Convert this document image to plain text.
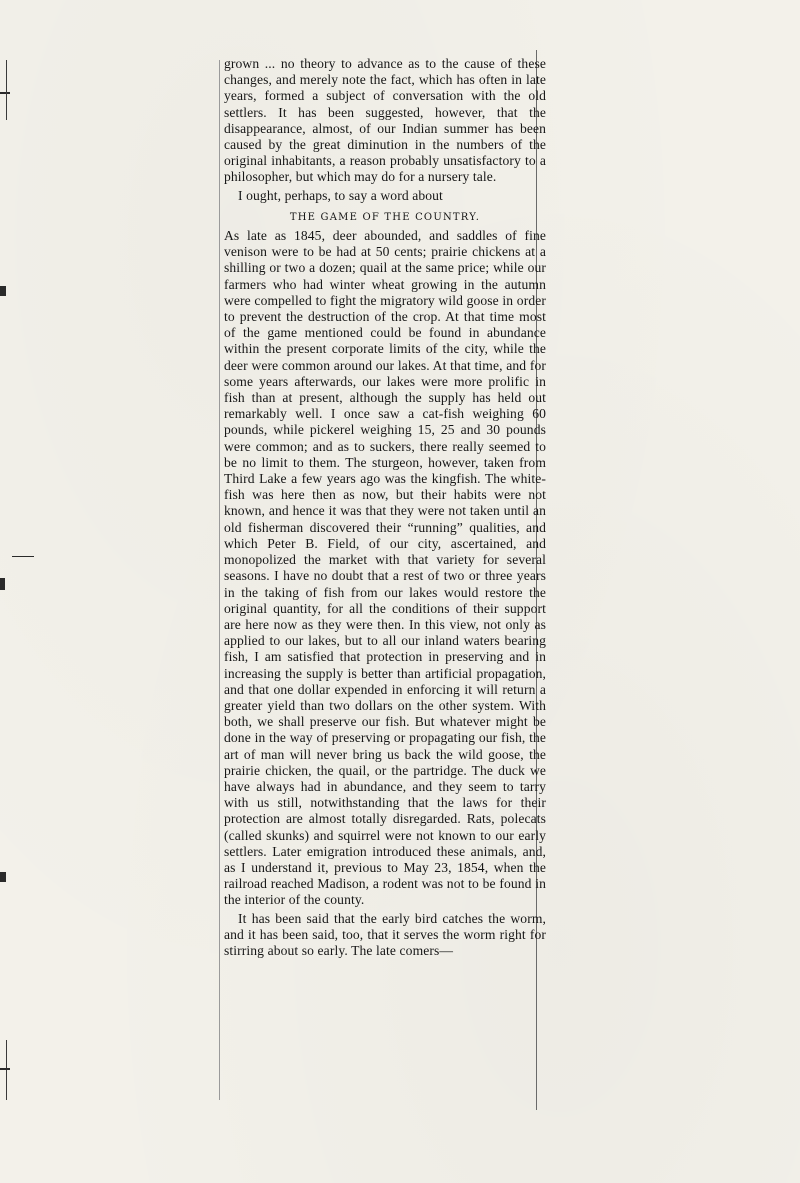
grown ... no theory to advance as to the cause of these changes, and merely note the fact, which has often in late years, formed a subject of conversation with the old settlers. It has been suggested, however, that the disappearance, almost, of our Indian summer has been caused by the great diminution in the numbers of the original inhabitants, a reason probably unsatisfactory to a philosopher, but which may do for a nursery tale.

I ought, perhaps, to say a word about

THE GAME OF THE COUNTRY.

As late as 1845, deer abounded, and saddles of fine venison were to be had at 50 cents; prairie chickens at a shilling or two a dozen; quail at the same price; while our farmers who had winter wheat growing in the autumn were compelled to fight the migratory wild goose in order to prevent the destruction of the crop. At that time most of the game mentioned could be found in abundance within the present corporate limits of the city, while the deer were common around our lakes. At that time, and for some years afterwards, our lakes were more prolific in fish than at present, although the supply has held out remarkably well. I once saw a cat-fish weighing 60 pounds, while pickerel weighing 15, 25 and 30 pounds were common; and as to suckers, there really seemed to be no limit to them. The sturgeon, however, taken from Third Lake a few years ago was the kingfish. The white-fish was here then as now, but their habits were not known, and hence it was that they were not taken until an old fisherman discovered their “running” qualities, and which Peter B. Field, of our city, ascertained, and monopolized the market with that variety for several seasons. I have no doubt that a rest of two or three years in the taking of fish from our lakes would restore the original quantity, for all the conditions of their support are here now as they were then. In this view, not only as applied to our lakes, but to all our inland waters bearing fish, I am satisfied that protection in preserving and in increasing the supply is better than artificial propagation, and that one dollar expended in enforcing it will return a greater yield than two dollars on the other system. With both, we shall preserve our fish. But whatever might be done in the way of preserving or propagating our fish, the art of man will never bring us back the wild goose, the prairie chicken, the quail, or the partridge. The duck we have always had in abundance, and they seem to tarry with us still, notwithstanding that the laws for their protection are almost totally disregarded. Rats, polecats (called skunks) and squirrel were not known to our early settlers. Later emigration introduced these animals, and, as I understand it, previous to May 23, 1854, when the railroad reached Madison, a rodent was not to be found in the interior of the county.

It has been said that the early bird catches the worm, and it has been said, too, that it serves the worm right for stirring about so early. The late comers—
